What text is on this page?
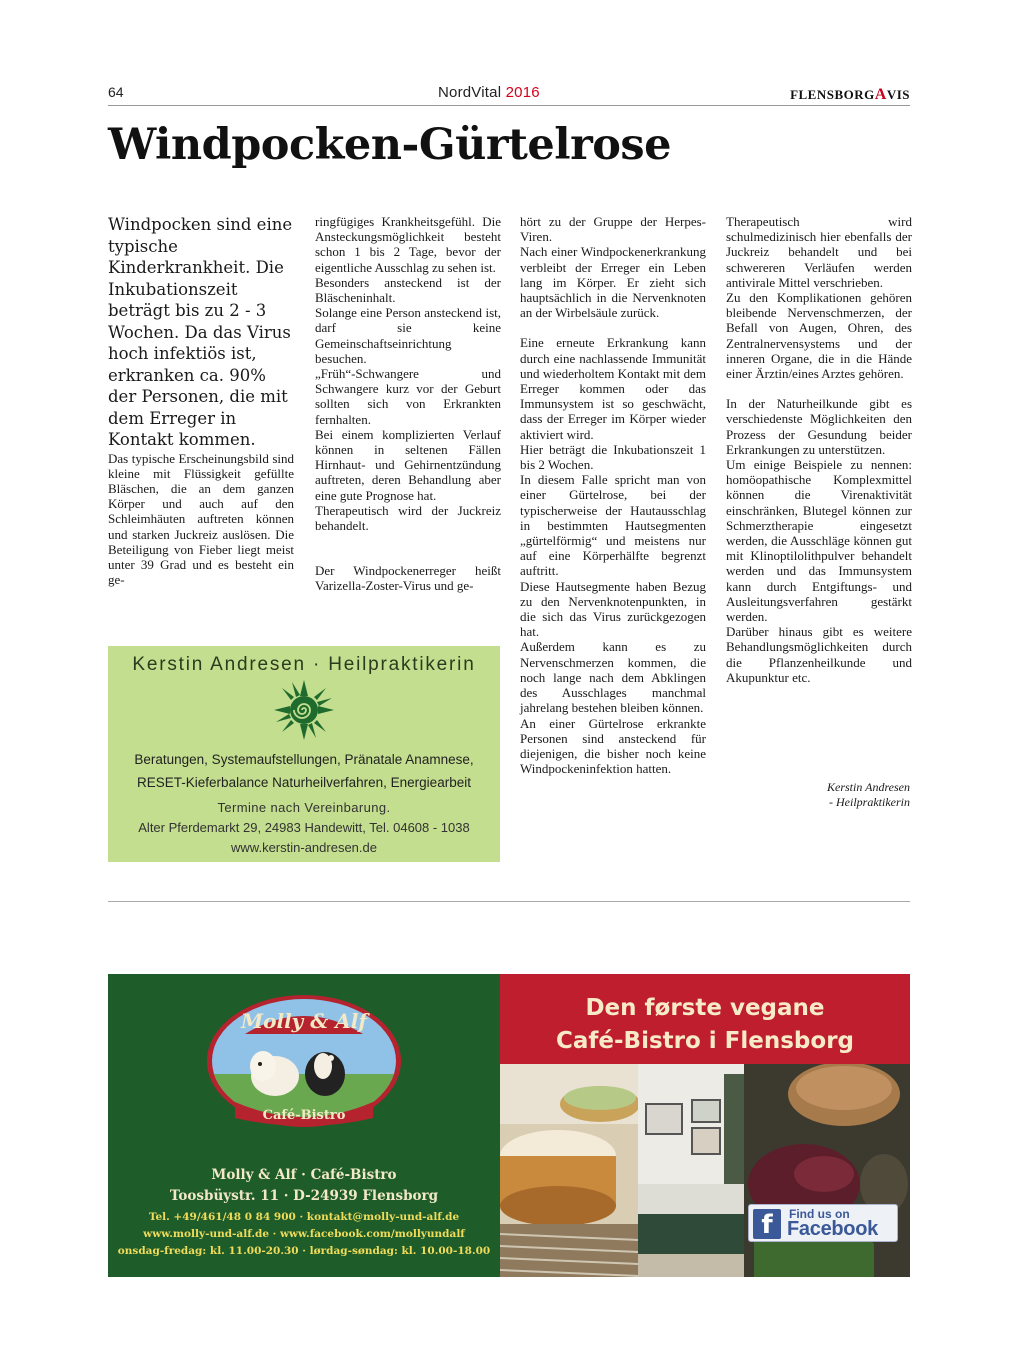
64	NordVital 2016	FLENSBORGAVIS
Windpocken-Gürtelrose

Windpocken sind eine typische Kinderkrankheit. Die Inkubationszeit beträgt bis zu 2 - 3 Wochen. Da das Virus hoch infektiös ist, erkranken ca. 90% der Personen, die mit dem Erreger in Kontakt kommen.

Das typische Erscheinungsbild sind kleine mit Flüssigkeit gefüllte Bläschen, die an dem ganzen Körper und auch auf den Schleimhäuten auftreten können und starken Juckreiz auslösen. Die Beteiligung von Fieber liegt meist unter 39 Grad und es besteht ein ge-

ringfügiges Krankheitsgefühl. Die Ansteckungsmöglichkeit besteht schon 1 bis 2 Tage, bevor der eigentliche Ausschlag zu sehen ist.

Besonders ansteckend ist der Bläscheninhalt.

Solange eine Person ansteckend ist, darf sie keine Gemeinschaftseinrichtung besuchen.

„Früh“-Schwangere und Schwangere kurz vor der Geburt sollten sich von Erkrankten fernhalten.

Bei einem komplizierten Verlauf können in seltenen Fällen Hirnhaut- und Gehirnentzündung auftreten, deren Behandlung aber eine gute Prognose hat.

Therapeutisch wird der Juckreiz behandelt.

Der Windpockenerreger heißt Varizella-Zoster-Virus und ge-

hört zu der Gruppe der Herpes-Viren.

Nach einer Windpockenerkrankung verbleibt der Erreger ein Leben lang im Körper. Er zieht sich hauptsächlich in die Nervenknoten an der Wirbelsäule zurück.

Eine erneute Erkrankung kann durch eine nachlassende Immunität und wiederholtem Kontakt mit dem Erreger kommen oder das Immunsystem ist so geschwächt, dass der Erreger im Körper wieder aktiviert wird.

Hier beträgt die Inkubationszeit 1 bis 2 Wochen.

In diesem Falle spricht man von einer Gürtelrose, bei der typischerweise der Hautausschlag in bestimmten Hautsegmenten „gürtelförmig“ und meistens nur auf eine Körperhälfte begrenzt auftritt.

Diese Hautsegmente haben Bezug zu den Nervenknotenpunkten, in die sich das Virus zurückgezogen hat.

Außerdem kann es zu Nervenschmerzen kommen, die noch lange nach dem Abklingen des Ausschlages manchmal jahrelang bestehen bleiben können.

An einer Gürtelrose erkrankte Personen sind ansteckend für diejenigen, die bisher noch keine Windpockeninfektion hatten.

Therapeutisch wird schulmedizinisch hier ebenfalls der Juckreiz behandelt und bei schwereren Verläufen werden antivirale Mittel verschrieben.

Zu den Komplikationen gehören bleibende Nervenschmerzen, der Befall von Augen, Ohren, des Zentralnervensystems und der inneren Organe, die in die Hände einer Ärztin/eines Arztes gehören.

In der Naturheilkunde gibt es verschiedenste Möglichkeiten den Prozess der Gesundung beider Erkrankungen zu unterstützen.

Um einige Beispiele zu nennen: homöopathische Komplexmittel können die Virenaktivität einschränken, Blutegel können zur Schmerztherapie eingesetzt werden, die Ausschläge können gut mit Klinoptilolithpulver behandelt werden und das Immunsystem kann durch Entgiftungs- und Ausleitungsverfahren gestärkt werden.

Darüber hinaus gibt es weitere Behandlungsmöglichkeiten durch die Pflanzenheilkunde und Akupunktur etc.

Kerstin Andresen
- Heilpraktikerin
Kerstin Andresen · Heilpraktikerin
Beratungen, Systemaufstellungen, Pränatale Anamnese,
RESET-Kieferbalance Naturheilverfahren, Energiearbeit
Termine nach Vereinbarung.
Alter Pferdemarkt 29, 24983 Handewitt, Tel. 04608 - 1038
www.kerstin-andresen.de
Molly & Alf
Café-Bistro
Molly & Alf · Café-Bistro
Toosbüystr. 11 · D-24939 Flensborg
Tel. +49/461/48 0 84 900 · kontakt@molly-und-alf.de
www.molly-und-alf.de · www.facebook.com/mollyundalf
onsdag-fredag: kl. 11.00-20.30 · lørdag-søndag: kl. 10.00-18.00
Den første vegane
Café-Bistro i Flensborg
f	Find us on
Facebook
